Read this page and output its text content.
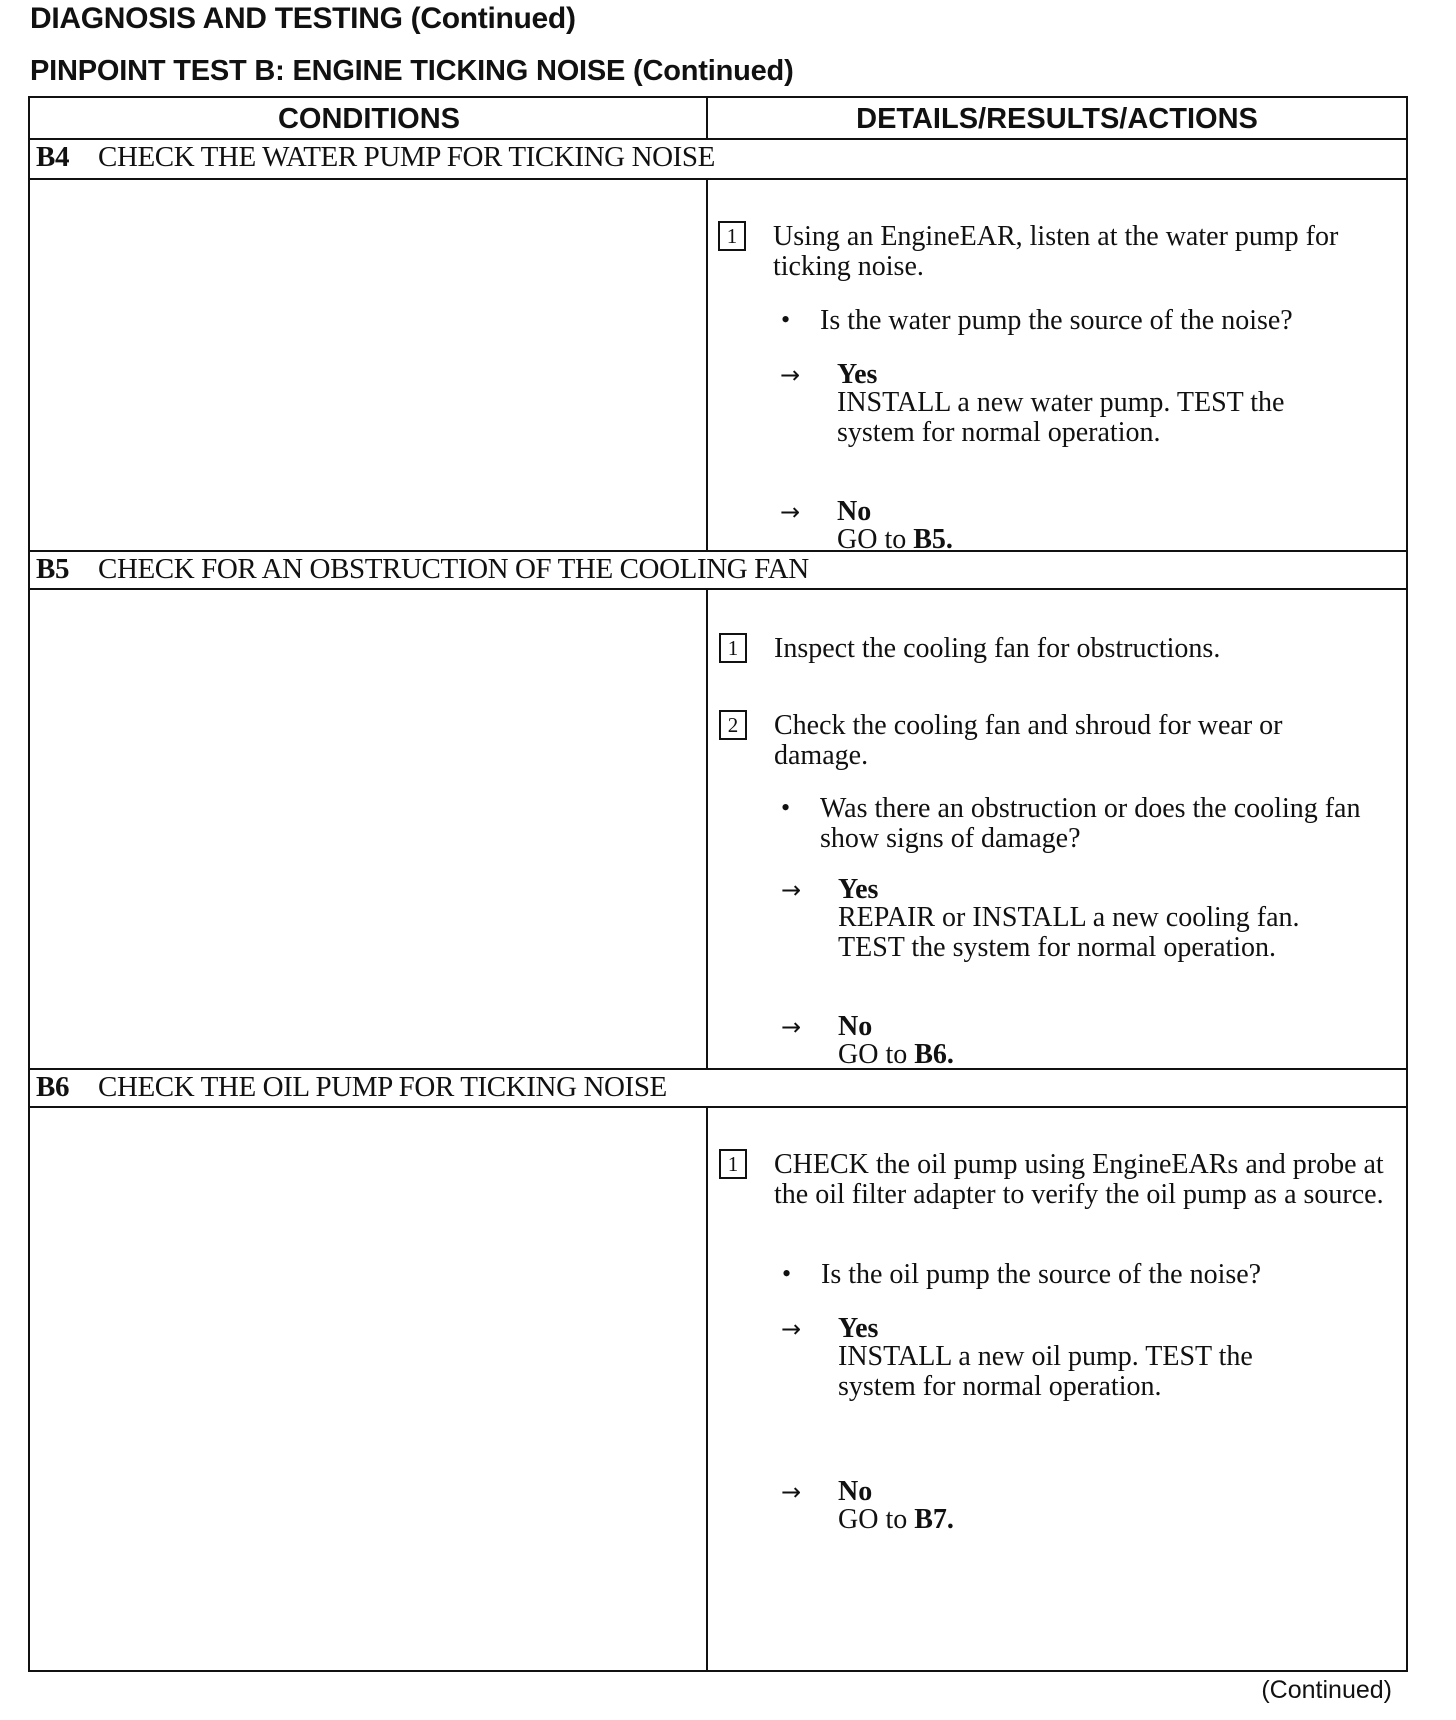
DIAGNOSIS AND TESTING (Continued)
PINPOINT TEST B: ENGINE TICKING NOISE (Continued)
CONDITIONS	DETAILS/RESULTS/ACTIONS
B4 CHECK THE WATER PUMP FOR TICKING NOISE
1	Using an EngineEAR, listen at the water pump for ticking noise.
• Is the water pump the source of the noise?
→ Yes
INSTALL a new water pump. TEST the system for normal operation.
→ No
GO to B5.
B5 CHECK FOR AN OBSTRUCTION OF THE COOLING FAN
1	Inspect the cooling fan for obstructions.
2	Check the cooling fan and shroud for wear or damage.
• Was there an obstruction or does the cooling fan show signs of damage?
→ Yes
REPAIR or INSTALL a new cooling fan. TEST the system for normal operation.
→ No
GO to B6.
B6 CHECK THE OIL PUMP FOR TICKING NOISE
1	CHECK the oil pump using EngineEARs and probe at the oil filter adapter to verify the oil pump as a source.
• Is the oil pump the source of the noise?
→ Yes
INSTALL a new oil pump. TEST the system for normal operation.
→ No
GO to B7.
(Continued)
